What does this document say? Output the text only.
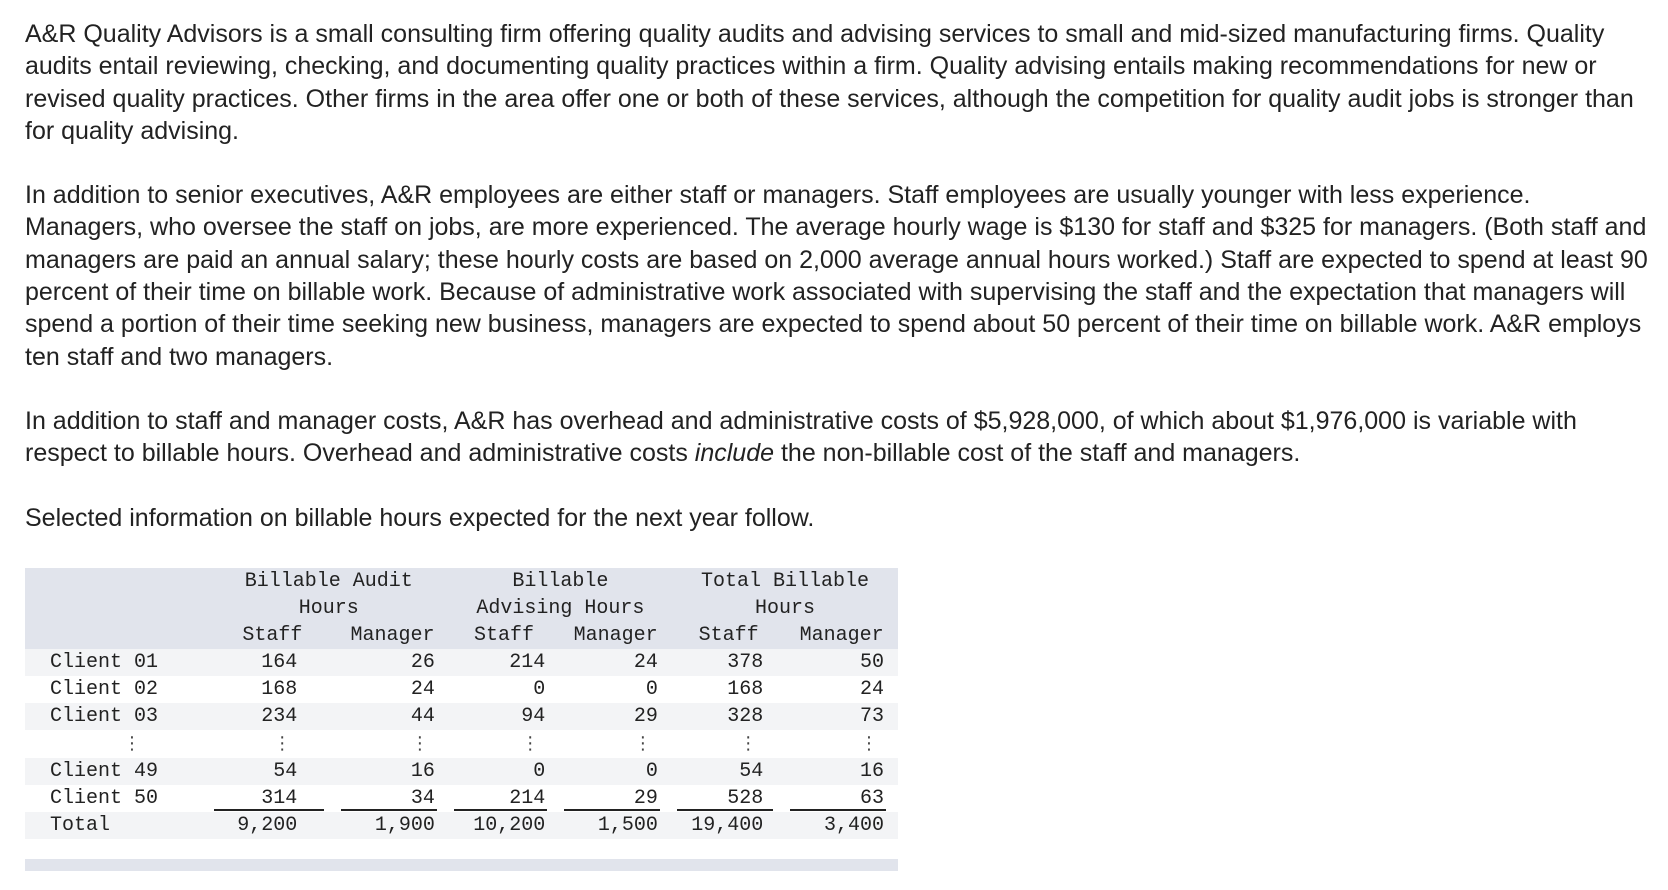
A&R Quality Advisors is a small consulting firm offering quality audits and advising services to small and mid-sized manufacturing firms. Quality audits entail reviewing, checking, and documenting quality practices within a firm. Quality advising entails making recommendations for new or revised quality practices. Other firms in the area offer one or both of these services, although the competition for quality audit jobs is stronger than for quality advising.

In addition to senior executives, A&R employees are either staff or managers. Staff employees are usually younger with less experience. Managers, who oversee the staff on jobs, are more experienced. The average hourly wage is $130 for staff and $325 for managers. (Both staff and managers are paid an annual salary; these hourly costs are based on 2,000 average annual hours worked.) Staff are expected to spend at least 90 percent of their time on billable work. Because of administrative work associated with supervising the staff and the expectation that managers will spend a portion of their time seeking new business, managers are expected to spend about 50 percent of their time on billable work. A&R employs ten staff and two managers.

In addition to staff and manager costs, A&R has overhead and administrative costs of $5,928,000, of which about $1,976,000 is variable with respect to billable hours. Overhead and administrative costs include the non-billable cost of the staff and managers.

Selected information on billable hours expected for the next year follow.

	Billable Audit		Billable		Total Billable	
	Hours		Advising Hours		Hours	
	Staff	Manager	Staff	Manager	Staff	Manager
Client 01	164	26	214	24	378	50
Client 02	168	24	0	0	168	24
Client 03	234	44	94	29	328	73
⋮	⋮	⋮	⋮	⋮	⋮	⋮
Client 49	54	16	0	0	54	16
Client 50	314	34	214	29	528	63
Total	9,200	1,900	10,200	1,500	19,400	3,400
